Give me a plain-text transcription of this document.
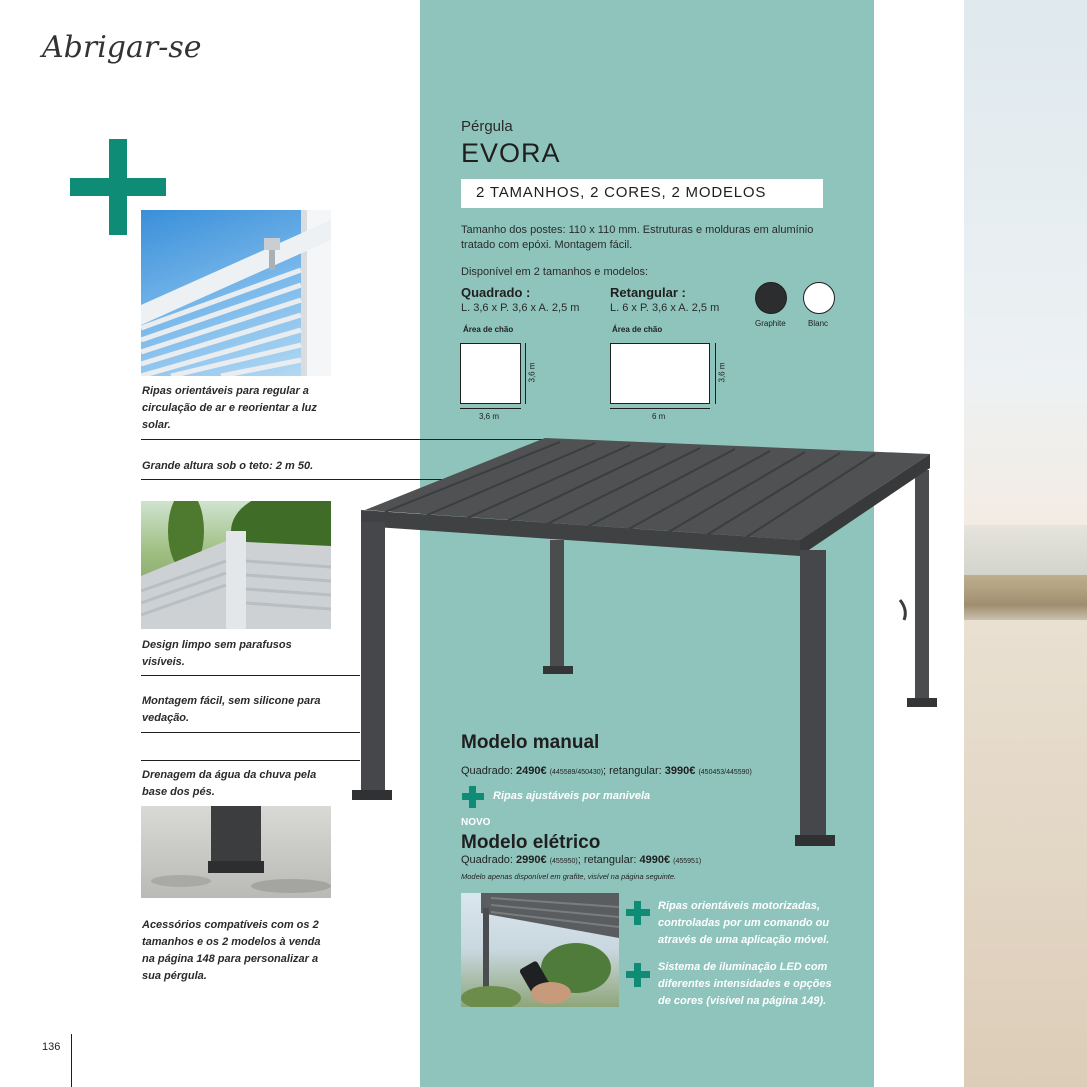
Abrigar-se
Ripas orientáveis para regular a circulação de ar e reorientar a luz solar.
Grande altura sob o teto: 2 m 50.
Design limpo sem parafusos visíveis.
Montagem fácil, sem silicone para vedação.
Drenagem da água da chuva pela base dos pés.
Acessórios compatíveis com os 2 tamanhos e os 2 modelos à venda na página 148 para personalizar a sua pérgula.
136
Pérgula
EVORA
2 TAMANHOS, 2 CORES, 2 MODELOS
Tamanho dos postes: 110 x 110 mm. Estruturas e molduras em alumínio tratado com epóxi. Montagem fácil.
Disponível em 2 tamanhos e modelos:
Quadrado :
L. 3,6 x P. 3,6 x A. 2,5 m
Área de chão
3,6 m
3,6 m
Retangular :
L. 6 x P. 3,6 x A. 2,5 m
Área de chão
6 m
3,6 m
Graphite	Blanc
Modelo manual
Quadrado: 2490€ (445589/450430); retangular: 3990€ (450453/445590)
Ripas ajustáveis por manivela
NOVO
Modelo elétrico
Quadrado: 2990€ (455950); retangular: 4990€ (455951)
Modelo apenas disponível em grafite, visível na página seguinte.
Ripas orientáveis motorizadas, controladas por um comando ou através de uma aplicação móvel.
Sistema de iluminação LED com diferentes intensidades e opções de cores (visível na página 149).
